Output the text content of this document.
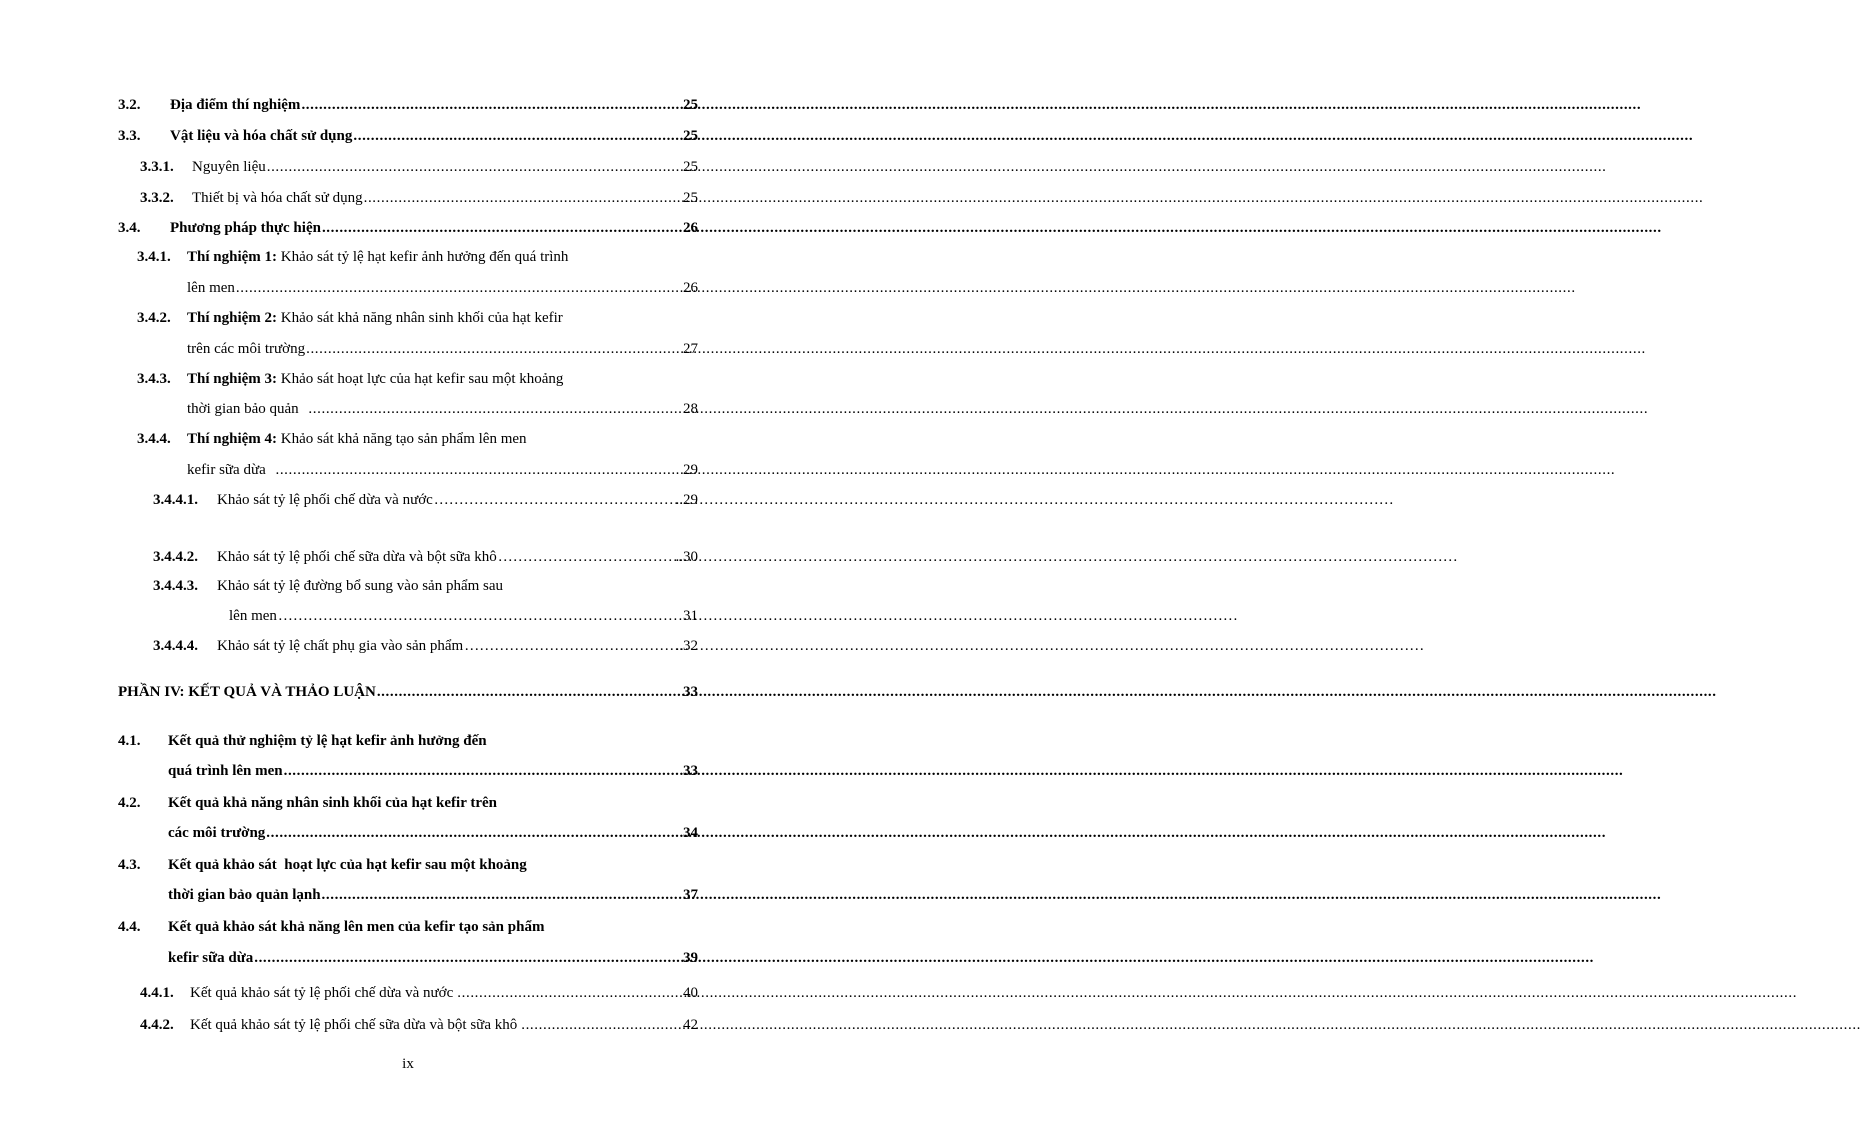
3.2.	Địa điểm thí nghiệm .....	25
3.3.	Vật liệu và hóa chất sử dụng .....	25
3.3.1.	Nguyên liệu .....	25
3.3.2.	Thiết bị và hóa chất sử dụng .....	25
3.4.	Phương pháp thực hiện .....	26
3.4.1.	Thí nghiệm 1:
Khảo sát tỷ lệ hạt kefir ảnh hưởng đến quá trình
lên men .....	26
3.4.2.	Thí nghiệm 2:
Khảo sát khả năng nhân sinh khối của hạt kefir
trên các môi trường .....	27
3.4.3.	Thí nghiệm 3:
Khảo sát hoạt lực của hạt kefir sau một khoảng
thời gian bảo quản .....	28
3.4.4.	Thí nghiệm 4:
Khảo sát khả năng tạo sản phẩm lên men
kefir sữa dừa .....	29
3.4.4.1.	Khảo sát tỷ lệ phối chế dừa và nước …………………………………………………………………………………………………………………………………………………………………………	..29
3.4.4.2.	Khảo sát tỷ lệ phối chế sữa dừa và bột sữa khô …………………………………………………………………………………………………………………………………………………………………………	..30
3.4.4.3.	Khảo sát tỷ lệ đường bổ sung vào sản phẩm sau
lên men …………………………………………………………………………………………………………………………………………………………………………	31
3.4.4.4.	Khảo sát tỷ lệ chất phụ gia vào sản phẩm …………………………………………………………………………………………………………………………………………………………………………	..32
PHẦN IV: KẾT QUẢ VÀ THẢO LUẬN .....	33
4.1.	Kết quả thử nghiệm tỷ lệ hạt kefir ảnh hưởng đến
quá trình lên men .....	33
4.2.	Kết quả khả năng nhân sinh khối của hạt kefir trên
các môi trường .....	34
4.3.	Kết quả khảo sát  hoạt lực của hạt kefir sau một khoảng
thời gian bảo quản lạnh .....	37
4.4.	Kết quả khảo sát khả năng lên men của kefir tạo sản phẩm
kefir sữa dừa .....	39
4.4.1.	Kết quả khảo sát tỷ lệ phối chế dừa và nước .....	40
4.4.2.	Kết quả khảo sát tỷ lệ phối chế sữa dừa và bột sữa khô .....	42
ix
